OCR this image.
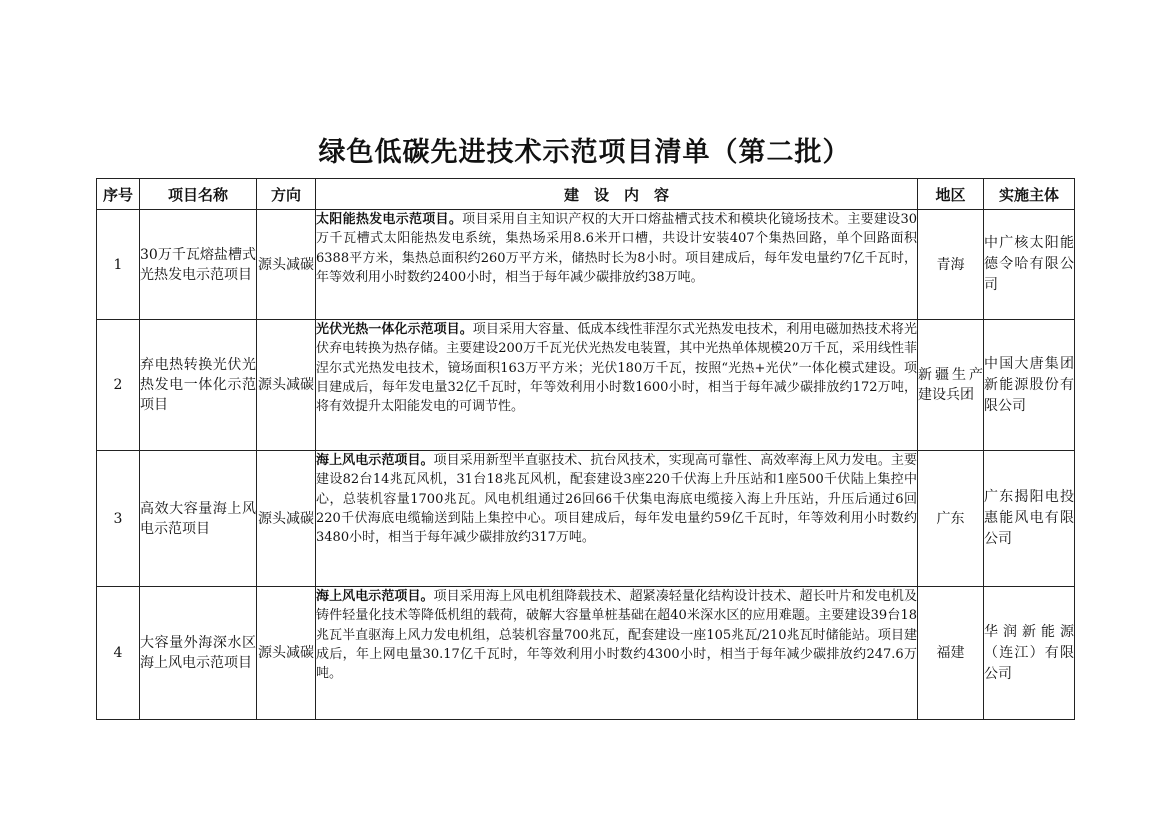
绿色低碳先进技术示范项目清单（第二批）
序号	项目名称	方向	建　设　内　容	地区	实施主体
1	30万千瓦熔盐槽式光热发电示范项目	源头减碳	太阳能热发电示范项目。项目采用自主知识产权的大开口熔盐槽式技术和模块化镜场技术。主要建设30万千瓦槽式太阳能热发电系统，集热场采用8.6米开口槽，共设计安装407个集热回路，单个回路面积6388平方米，集热总面积约260万平方米，储热时长为8小时。项目建成后，每年发电量约7亿千瓦时，年等效利用小时数约2400小时，相当于每年减少碳排放约38万吨。	青海	中广核太阳能德令哈有限公司
2	弃电热转换光伏光热发电一体化示范项目	源头减碳	光伏光热一体化示范项目。项目采用大容量、低成本线性菲涅尔式光热发电技术，利用电磁加热技术将光伏弃电转换为热存储。主要建设200万千瓦光伏光热发电装置，其中光热单体规模20万千瓦，采用线性菲涅尔式光热发电技术，镜场面积163万平方米；光伏180万千瓦，按照“光热+光伏”一体化模式建设。项目建成后，每年发电量32亿千瓦时，年等效利用小时数1600小时，相当于每年减少碳排放约172万吨，将有效提升太阳能发电的可调节性。	新疆生产建设兵团	中国大唐集团新能源股份有限公司
3	高效大容量海上风电示范项目	源头减碳	海上风电示范项目。项目采用新型半直驱技术、抗台风技术，实现高可靠性、高效率海上风力发电。主要建设82台14兆瓦风机，31台18兆瓦风机，配套建设3座220千伏海上升压站和1座500千伏陆上集控中心，总装机容量1700兆瓦。风电机组通过26回66千伏集电海底电缆接入海上升压站，升压后通过6回220千伏海底电缆输送到陆上集控中心。项目建成后，每年发电量约59亿千瓦时，年等效利用小时数约3480小时，相当于每年减少碳排放约317万吨。	广东	广东揭阳电投惠能风电有限公司
4	大容量外海深水区海上风电示范项目	源头减碳	海上风电示范项目。项目采用海上风电机组降载技术、超紧凑轻量化结构设计技术、超长叶片和发电机及铸件轻量化技术等降低机组的载荷，破解大容量单桩基础在超40米深水区的应用难题。主要建设39台18兆瓦半直驱海上风力发电机组，总装机容量700兆瓦，配套建设一座105兆瓦/210兆瓦时储能站。项目建成后，年上网电量30.17亿千瓦时，年等效利用小时数约4300小时，相当于每年减少碳排放约247.6万吨。	福建	华润新能源（连江）有限公司
